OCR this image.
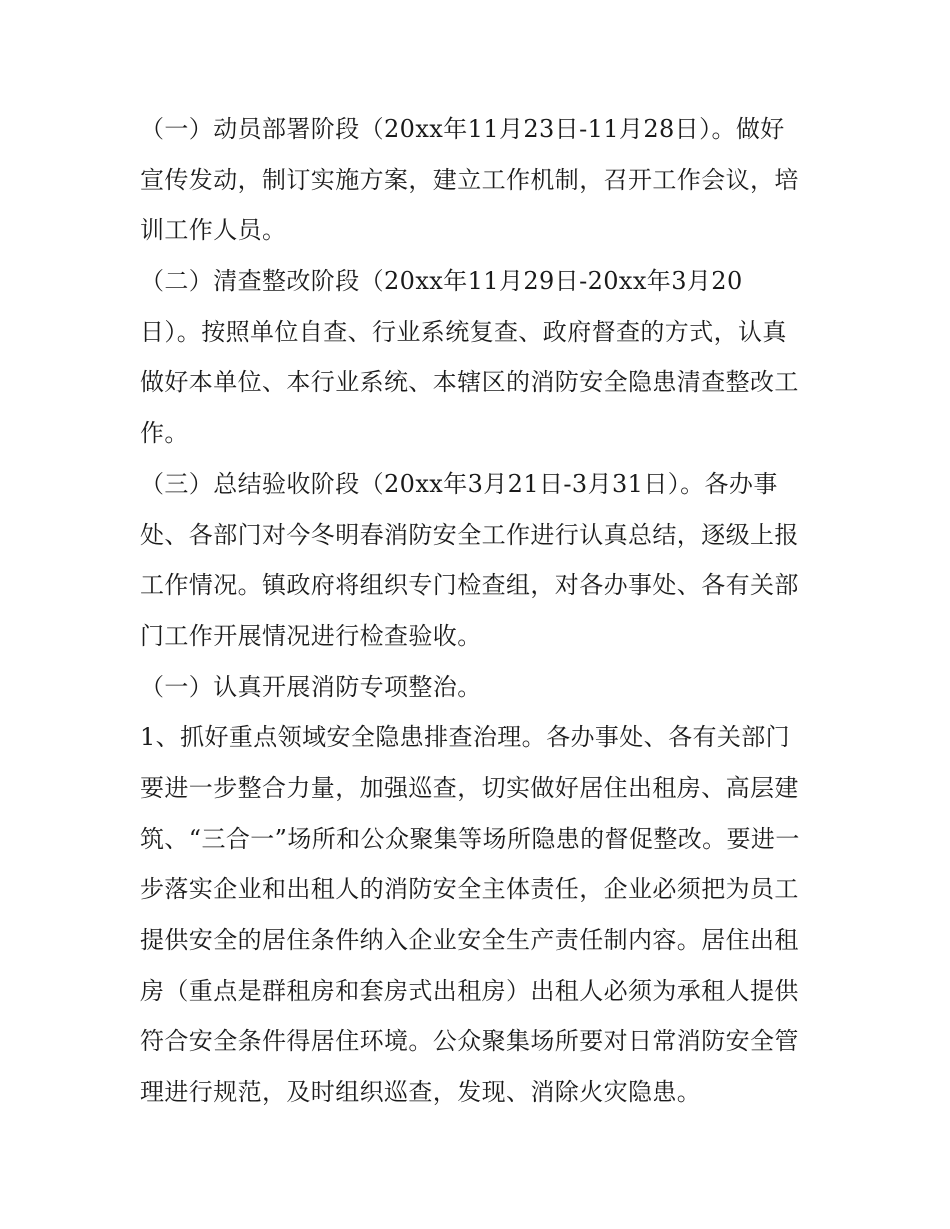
（一）动员部署阶段（20xx年11月23日-11月28日）。做好
宣传发动，制订实施方案，建立工作机制，召开工作会议，培
训工作人员。
（二）清查整改阶段（20xx年11月29日-20xx年3月20
日）。按照单位自查、行业系统复查、政府督查的方式，认真
做好本单位、本行业系统、本辖区的消防安全隐患清查整改工
作。
（三）总结验收阶段（20xx年3月21日-3月31日）。各办事
处、各部门对今冬明春消防安全工作进行认真总结，逐级上报
工作情况。镇政府将组织专门检查组，对各办事处、各有关部
门工作开展情况进行检查验收。
（一）认真开展消防专项整治。
1、抓好重点领域安全隐患排查治理。各办事处、各有关部门
要进一步整合力量，加强巡查，切实做好居住出租房、高层建
筑、“三合一”场所和公众聚集等场所隐患的督促整改。要进一
步落实企业和出租人的消防安全主体责任，企业必须把为员工
提供安全的居住条件纳入企业安全生产责任制内容。居住出租
房（重点是群租房和套房式出租房）出租人必须为承租人提供
符合安全条件得居住环境。公众聚集场所要对日常消防安全管
理进行规范，及时组织巡查，发现、消除火灾隐患。
